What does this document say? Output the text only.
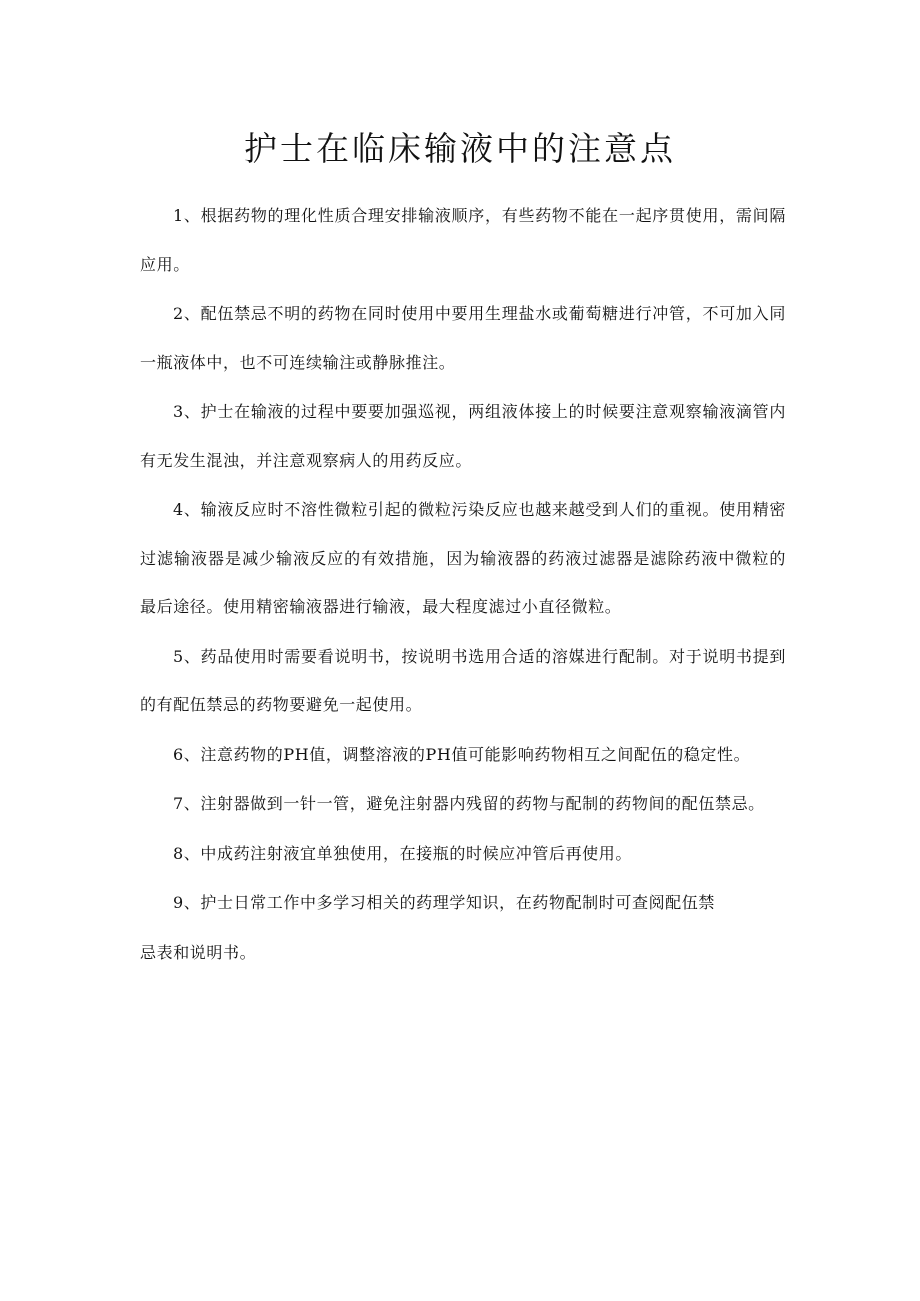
护士在临床输液中的注意点

1、根据药物的理化性质合理安排输液顺序，有些药物不能在一起序贯使用，需间隔应用。

2、配伍禁忌不明的药物在同时使用中要用生理盐水或葡萄糖进行冲管，不可加入同一瓶液体中，也不可连续输注或静脉推注。

3、护士在输液的过程中要要加强巡视，两组液体接上的时候要注意观察输液滴管内有无发生混浊，并注意观察病人的用药反应。

4、输液反应时不溶性微粒引起的微粒污染反应也越来越受到人们的重视。使用精密过滤输液器是减少输液反应的有效措施，因为输液器的药液过滤器是滤除药液中微粒的最后途径。使用精密输液器进行输液，最大程度滤过小直径微粒。

5、药品使用时需要看说明书，按说明书选用合适的溶媒进行配制。对于说明书提到的有配伍禁忌的药物要避免一起使用。

6、注意药物的PH值，调整溶液的PH值可能影响药物相互之间配伍的稳定性。

7、注射器做到一针一管，避免注射器内残留的药物与配制的药物间的配伍禁忌。

8、中成药注射液宜单独使用，在接瓶的时候应冲管后再使用。

9、护士日常工作中多学习相关的药理学知识，在药物配制时可查阅配伍禁

忌表和说明书。
